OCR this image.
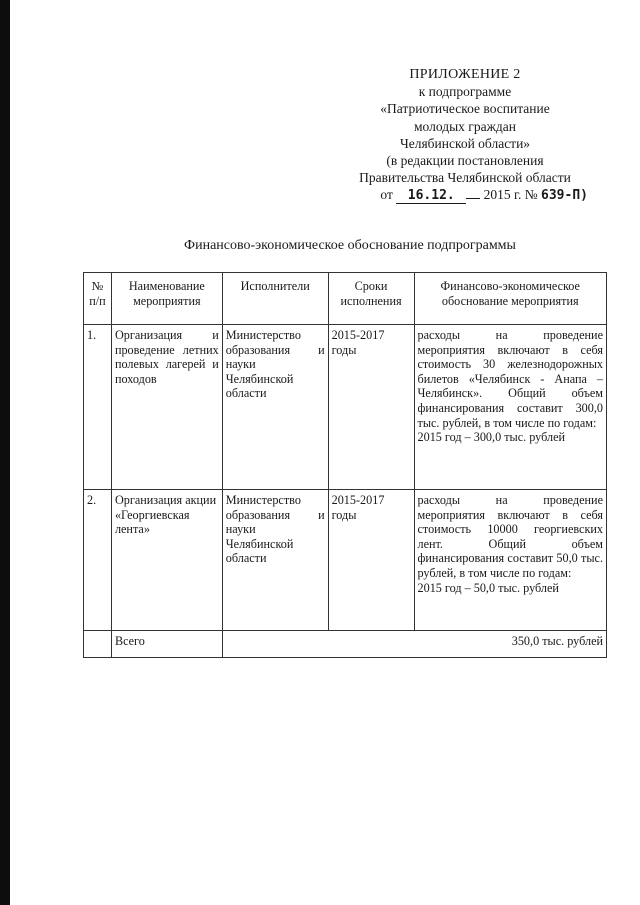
ПРИЛОЖЕНИЕ 2
к подпрограмме
«Патриотическое воспитание
молодых граждан
Челябинской области»
(в редакции постановления
Правительства Челябинской области
от 16.12. 2015 г. № 639-П)
Финансово-экономическое обоснование подпрограммы
№ п/п	Наименование мероприятия	Исполнители	Сроки исполнения	Финансово-экономическое обоснование мероприятия
1.	Организация и проведение летних полевых лагерей и походов	Министерство образования и науки Челябинской области	2015-2017 годы	расходы на проведение мероприятия включают в себя стоимость 30 железнодорожных билетов «Челябинск - Анапа – Челябинск». Общий объем финансирования составит 300,0 тыс. рублей, в том числе по годам:
2015 год – 300,0 тыс. рублей

2.	Организация акции «Георгиевская лента»	Министерство образования и науки Челябинской области	2015-2017 годы	расходы на проведение мероприятия включают в себя стоимость 10000 георгиевских лент. Общий объем финансирования составит 50,0 тыс. рублей, в том числе по годам:
2015 год – 50,0 тыс. рублей

	Всего	350,0 тыс. рублей		
